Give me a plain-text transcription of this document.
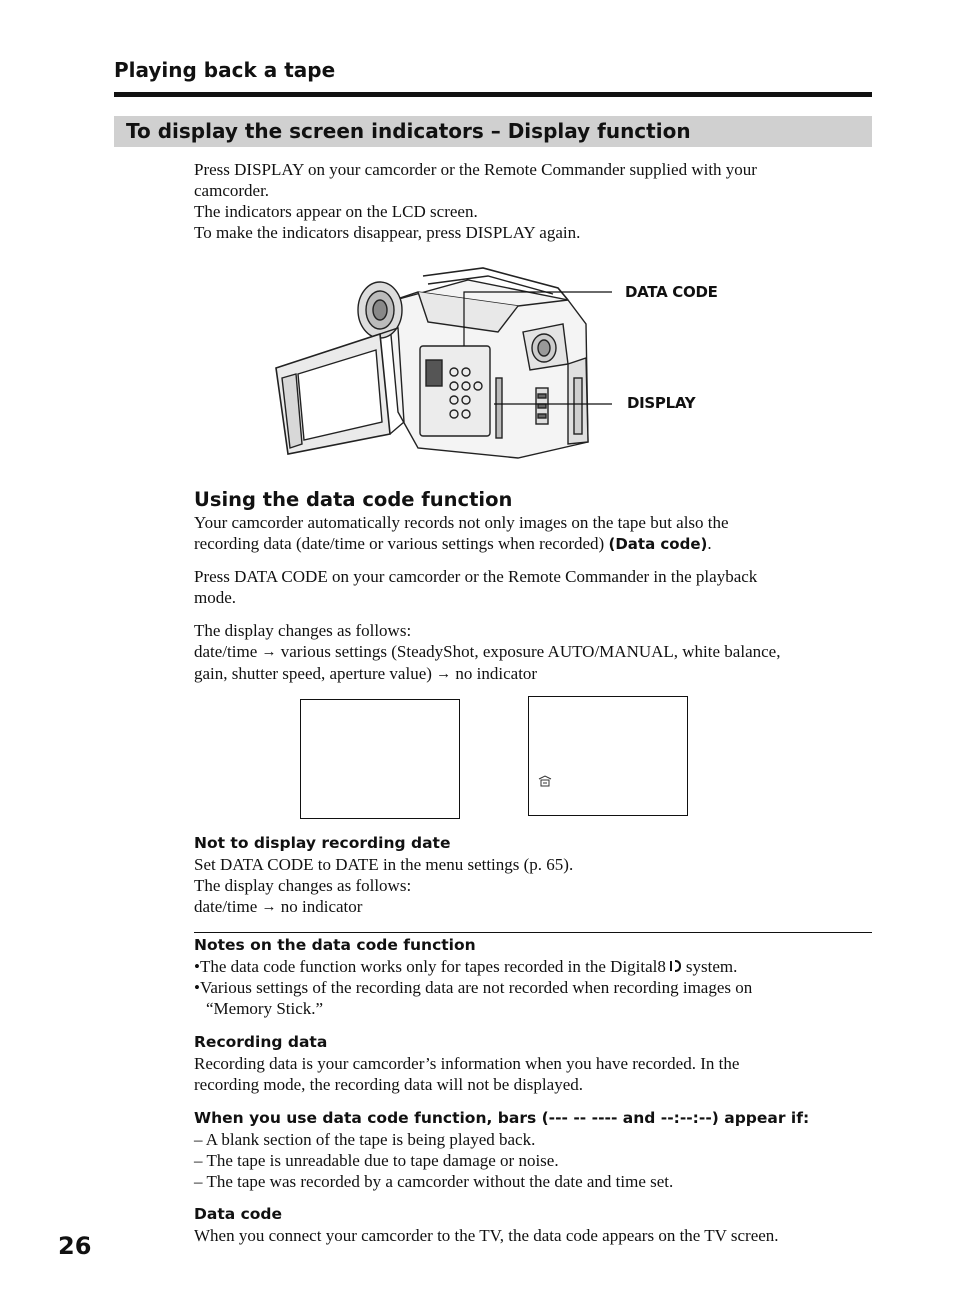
Playing back a tape
To display the screen indicators – Display function
Press DISPLAY on your camcorder or the Remote Commander supplied with your
camcorder.
The indicators appear on the LCD screen.
To make the indicators disappear, press DISPLAY again.
DATA CODE
DISPLAY
Using the data code function
Your camcorder automatically records not only images on the tape but also the
recording data (date/time or various settings when recorded) (Data code).
Press DATA CODE on your camcorder or the Remote Commander in the playback
mode.
The display changes as follows:
date/time → various settings (SteadyShot, exposure AUTO/MANUAL, white balance,
gain, shutter speed, aperture value) → no indicator
Not to display recording date
Set DATA CODE to DATE in the menu settings (p. 65).
The display changes as follows:
date/time → no indicator
Notes on the data code function
•The data code function works only for tapes recorded in the Digital8 system.
•Various settings of the recording data are not recorded when recording images on
“Memory Stick.”
Recording data
Recording data is your camcorder’s information when you have recorded. In the
recording mode, the recording data will not be displayed.
When you use data code function, bars (--- -- ---- and --:--:--) appear if:
– A blank section of the tape is being played back.
– The tape is unreadable due to tape damage or noise.
– The tape was recorded by a camcorder without the date and time set.
Data code
When you connect your camcorder to the TV, the data code appears on the TV screen.
26
